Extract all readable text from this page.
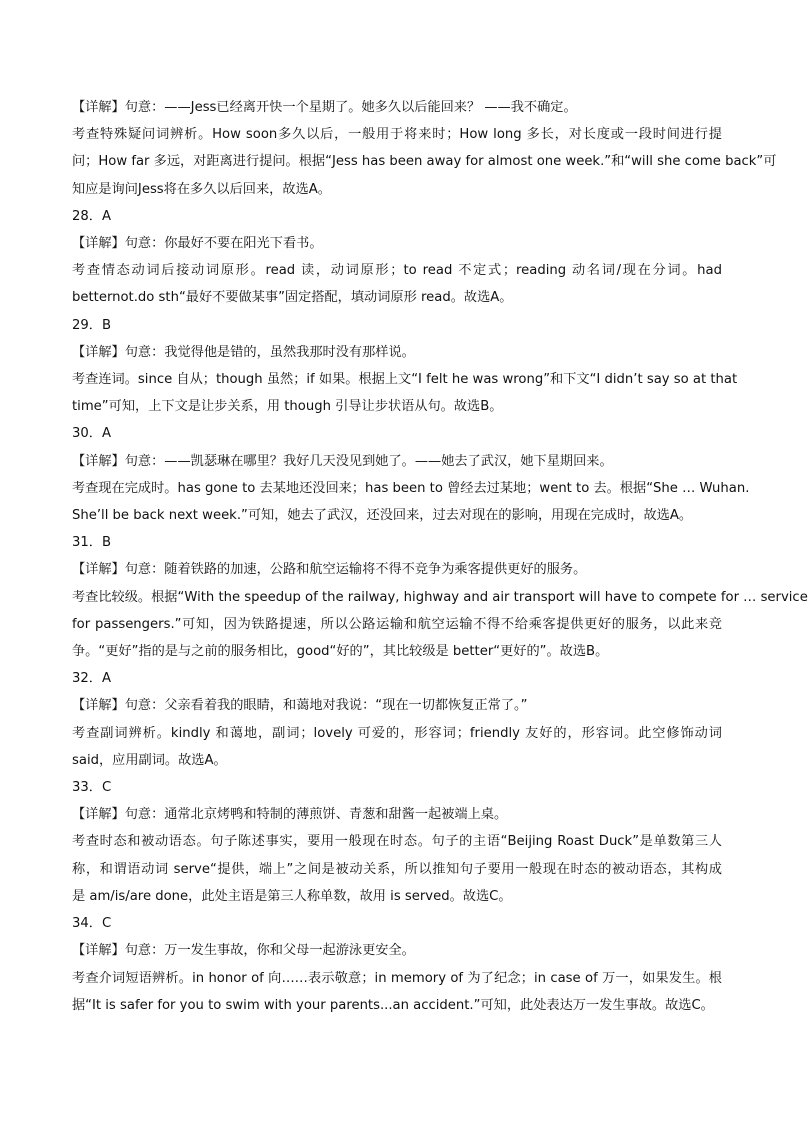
【详解】句意：——Jess已经离开快一个星期了。她多久以后能回来？ ——我不确定。
考查特殊疑问词辨析。How soon多久以后，一般用于将来时；How long 多长，对长度或一段时间进行提
问；How far 多远，对距离进行提问。根据“Jess has been away for almost one week.”和“will she come back”可
知应是询问Jess将在多久以后回来，故选A。
28．A
【详解】句意：你最好不要在阳光下看书。
考查情态动词后接动词原形。read 读，动词原形；to read 不定式；reading 动名词/现在分词。had
betternot.do sth“最好不要做某事”固定搭配，填动词原形 read。故选A。
29．B
【详解】句意：我觉得他是错的，虽然我那时没有那样说。
考查连词。since 自从；though 虽然；if 如果。根据上文“I felt he was wrong”和下文“I didn’t say so at that
time”可知，上下文是让步关系，用 though 引导让步状语从句。故选B。
30．A
【详解】句意：——凯瑟琳在哪里？我好几天没见到她了。——她去了武汉，她下星期回来。
考查现在完成时。has gone to 去某地还没回来；has been to 曾经去过某地；went to 去。根据“She … Wuhan.
She’ll be back next week.”可知，她去了武汉，还没回来，过去对现在的影响，用现在完成时，故选A。
31．B
【详解】句意：随着铁路的加速，公路和航空运输将不得不竞争为乘客提供更好的服务。
考查比较级。根据“With the speedup of the railway, highway and air transport will have to compete for … service
for passengers.”可知，因为铁路提速，所以公路运输和航空运输不得不给乘客提供更好的服务，以此来竞
争。“更好”指的是与之前的服务相比，good“好的”，其比较级是 better“更好的”。故选B。
32．A
【详解】句意：父亲看着我的眼睛，和蔼地对我说：“现在一切都恢复正常了。”
考查副词辨析。kindly 和蔼地，副词；lovely 可爱的，形容词；friendly 友好的，形容词。此空修饰动词
said，应用副词。故选A。
33．C
【详解】句意：通常北京烤鸭和特制的薄煎饼、青葱和甜酱一起被端上桌。
考查时态和被动语态。句子陈述事实，要用一般现在时态。句子的主语“Beijing Roast Duck”是单数第三人
称，和谓语动词 serve“提供，端上”之间是被动关系，所以推知句子要用一般现在时态的被动语态，其构成
是 am/is/are done，此处主语是第三人称单数，故用 is served。故选C。
34．C
【详解】句意：万一发生事故，你和父母一起游泳更安全。
考查介词短语辨析。in honor of 向……表示敬意；in memory of 为了纪念；in case of 万一，如果发生。根
据“It is safer for you to swim with your parents...an accident.”可知，此处表达万一发生事故。故选C。
